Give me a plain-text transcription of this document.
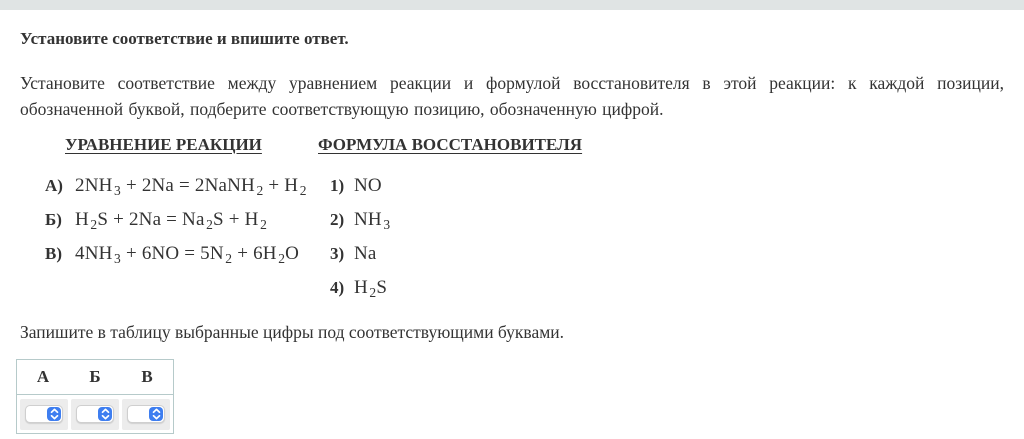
Установите соответствие и впишите ответ.
Установите соответствие между уравнением реакции и формулой восстановителя в этой реакции: к каждой позиции, обозначенной буквой, подберите соответствующую позицию, обозначенную цифрой.
УРАВНЕНИЕ РЕАКЦИИ
А) 2NH $_3$ + 2Na = 2NaNH $_2$ + H $_2$
Б) H $_2$S + 2Na = Na $_2$S + H $_2$
В) 4NH $_3$ + 6NO = 5N $_2$ + 6H $_2$O
ФОРМУЛА ВОССТАНОВИТЕЛЯ
1) NO
2) NH $_3$
3) Na
4) H $_2$S
Запишите в таблицу выбранные цифры под соответствующими буквами.
А	Б	В
